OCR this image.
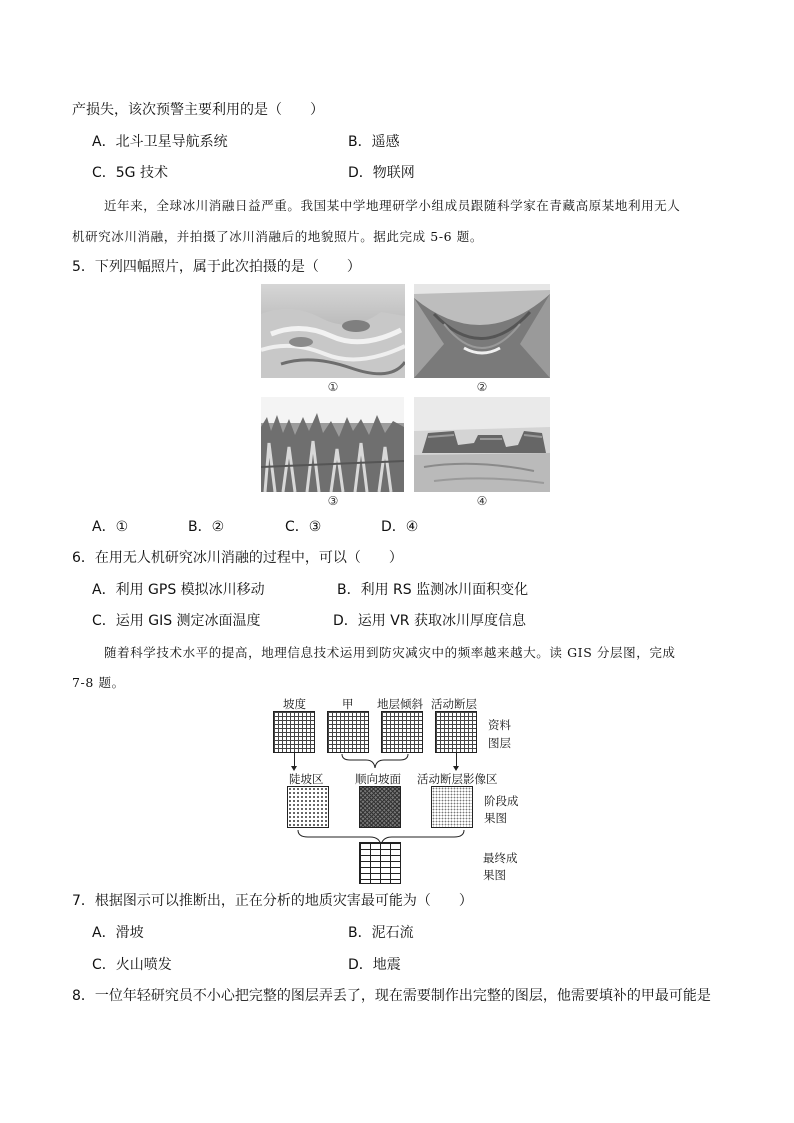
产损失，该次预警主要利用的是（　　）
A．北斗卫星导航系统	B．遥感
C．5G 技术	D．物联网
近年来，全球冰川消融日益严重。我国某中学地理研学小组成员跟随科学家在青藏高原某地利用无人
机研究冰川消融，并拍摄了冰川消融后的地貌照片。据此完成 5-6 题。
5．下列四幅照片，属于此次拍摄的是（　　）
①	②
③	④
A．①	B．②	C．③	D．④
6．在用无人机研究冰川消融的过程中，可以（　　）
A．利用 GPS 模拟冰川移动	B．利用 RS 监测冰川面积变化
C．运用 GIS 测定冰面温度	D．运用 VR 获取冰川厚度信息
随着科学技术水平的提高，地理信息技术运用到防灾减灾中的频率越来越大。读 GIS 分层图，完成
7-8 题。
坡度	甲 地层倾斜 活动断层
资料
图层
陡坡区	顺向坡面 活动断层影像区
阶段成
果图
最终成
果图
7．根据图示可以推断出，正在分析的地质灾害最可能为（　　）
A．滑坡	B．泥石流
C．火山喷发	D．地震
8．一位年轻研究员不小心把完整的图层弄丢了，现在需要制作出完整的图层，他需要填补的甲最可能是
